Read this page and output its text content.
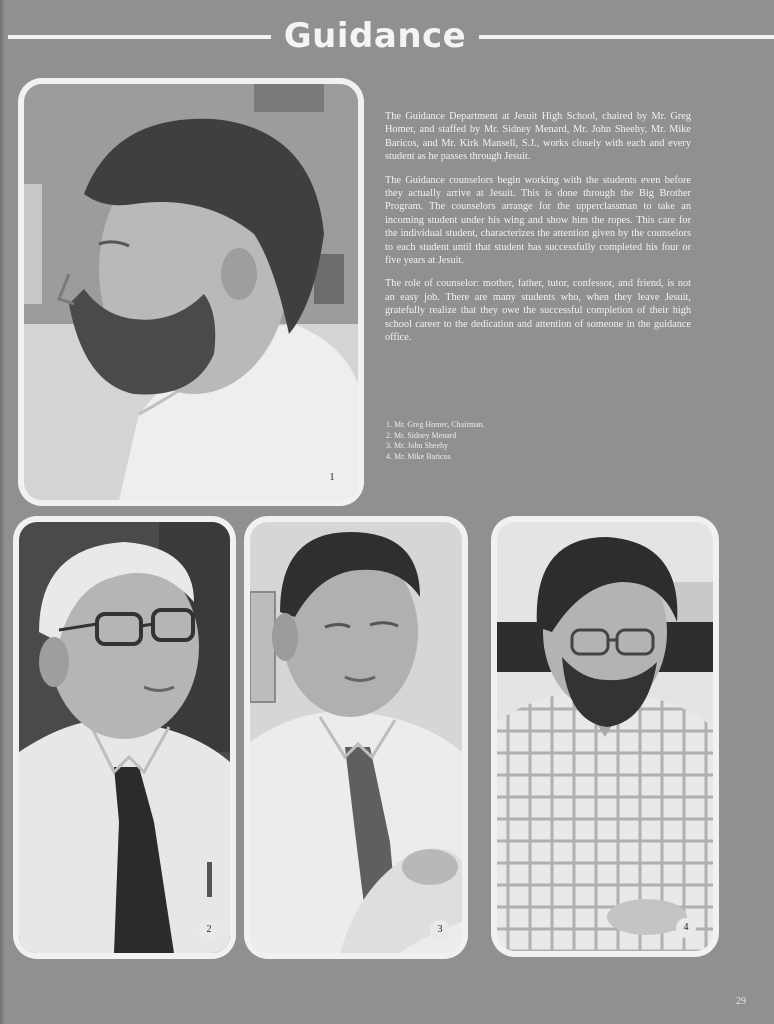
Guidance
1

The Guidance Department at Jesuit High School, chaired by Mr. Greg Homer, and staffed by Mr. Sidney Menard, Mr. John Sheehy, Mr. Mike Baricos, and Mr. Kirk Mansell, S.J., works closely with each and every student as he passes through Jesuit.

The Guidance counselors begin working with the students even before they actually arrive at Jesuit. This is done through the Big Brother Program. The counselors arrange for the upperclassman to take an incoming student under his wing and show him the ropes. This care for the individual student, characterizes the attention given by the counselors to each student until that student has successfully completed his four or five years at Jesuit.

The role of counselor: mother, father, tutor, confessor, and friend, is not an easy job. There are many students who, when they leave Jesuit, gratefully realize that they owe the successful completion of their high school career to the dedication and attention of someone in the guidance office.

1. Mr. Greg Homer, Chairman.
2. Mr. Sidney Menard
3. Mr. John Sheehy
4. Mr. Mike Baricos
2	3	4
29
